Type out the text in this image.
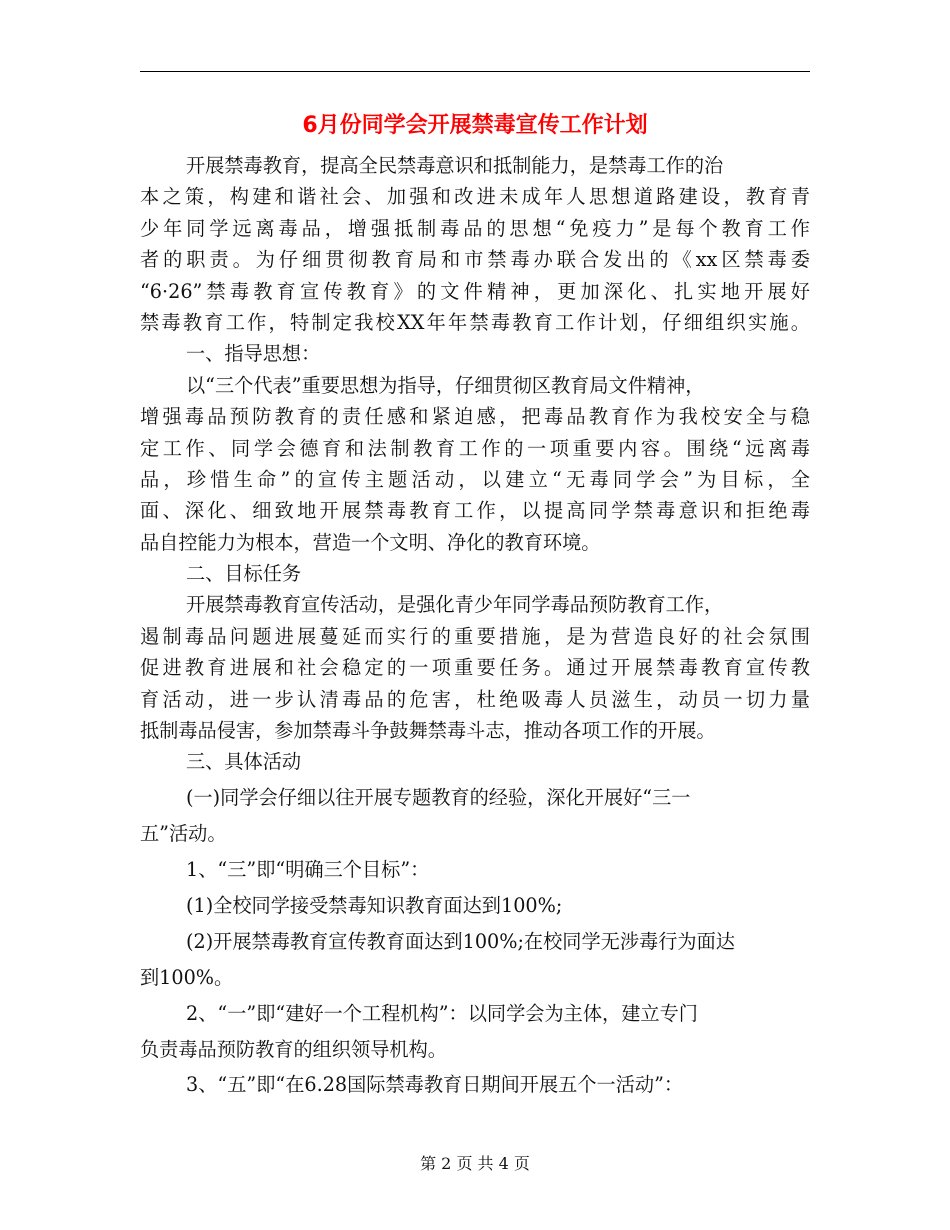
6月份同学会开展禁毒宣传工作计划
开展禁毒教育，提高全民禁毒意识和抵制能力，是禁毒工作的治
本之策，构建和谐社会、加强和改进未成年人思想道路建设，教育青
少年同学远离毒品，增强抵制毒品的思想“免疫力”是每个教育工作
者的职责。为仔细贯彻教育局和市禁毒办联合发出的《xx区禁毒委
“6·26”禁毒教育宣传教育》的文件精神，更加深化、扎实地开展好
禁毒教育工作，特制定我校XX年年禁毒教育工作计划，仔细组织实施。
一、指导思想：
以“三个代表”重要思想为指导，仔细贯彻区教育局文件精神，
增强毒品预防教育的责任感和紧迫感，把毒品教育作为我校安全与稳
定工作、同学会德育和法制教育工作的一项重要内容。围绕“远离毒
品，珍惜生命”的宣传主题活动，以建立“无毒同学会”为目标，全
面、深化、细致地开展禁毒教育工作，以提高同学禁毒意识和拒绝毒
品自控能力为根本，营造一个文明、净化的教育环境。
二、目标任务
开展禁毒教育宣传活动，是强化青少年同学毒品预防教育工作，
遏制毒品问题进展蔓延而实行的重要措施，是为营造良好的社会氛围
促进教育进展和社会稳定的一项重要任务。通过开展禁毒教育宣传教
育活动，进一步认清毒品的危害，杜绝吸毒人员滋生，动员一切力量
抵制毒品侵害，参加禁毒斗争鼓舞禁毒斗志，推动各项工作的开展。
三、具体活动
(一)同学会仔细以往开展专题教育的经验，深化开展好“三一
五”活动。
1、“三”即“明确三个目标”：
(1)全校同学接受禁毒知识教育面达到100%;
(2)开展禁毒教育宣传教育面达到100%;在校同学无涉毒行为面达
到100%。
2、“一”即“建好一个工程机构”：以同学会为主体，建立专门
负责毒品预防教育的组织领导机构。
3、“五”即“在6.28国际禁毒教育日期间开展五个一活动”：
第 2 页 共 4 页
